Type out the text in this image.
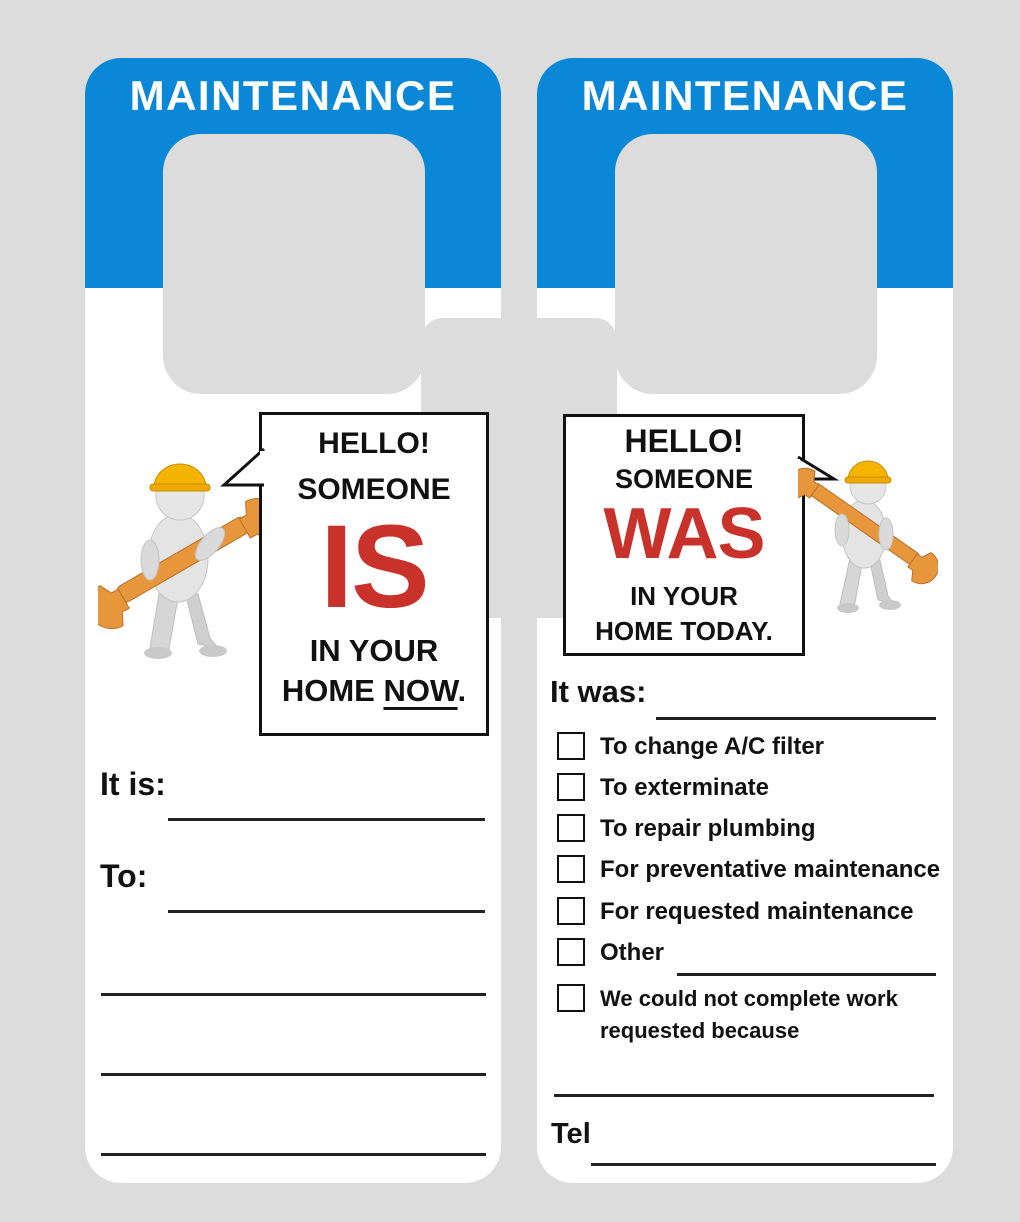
MAINTENANCE	MAINTENANCE
HELLO!
SOMEONE
IS
IN YOUR
HOME NOW.
It is:
To:
HELLO!
SOMEONE
WAS
IN YOUR
HOME TODAY.
It was:
To change A/C filter
To exterminate
To repair plumbing
For preventative maintenance
For requested maintenance
Other
We could not complete work
requested because
Tel
